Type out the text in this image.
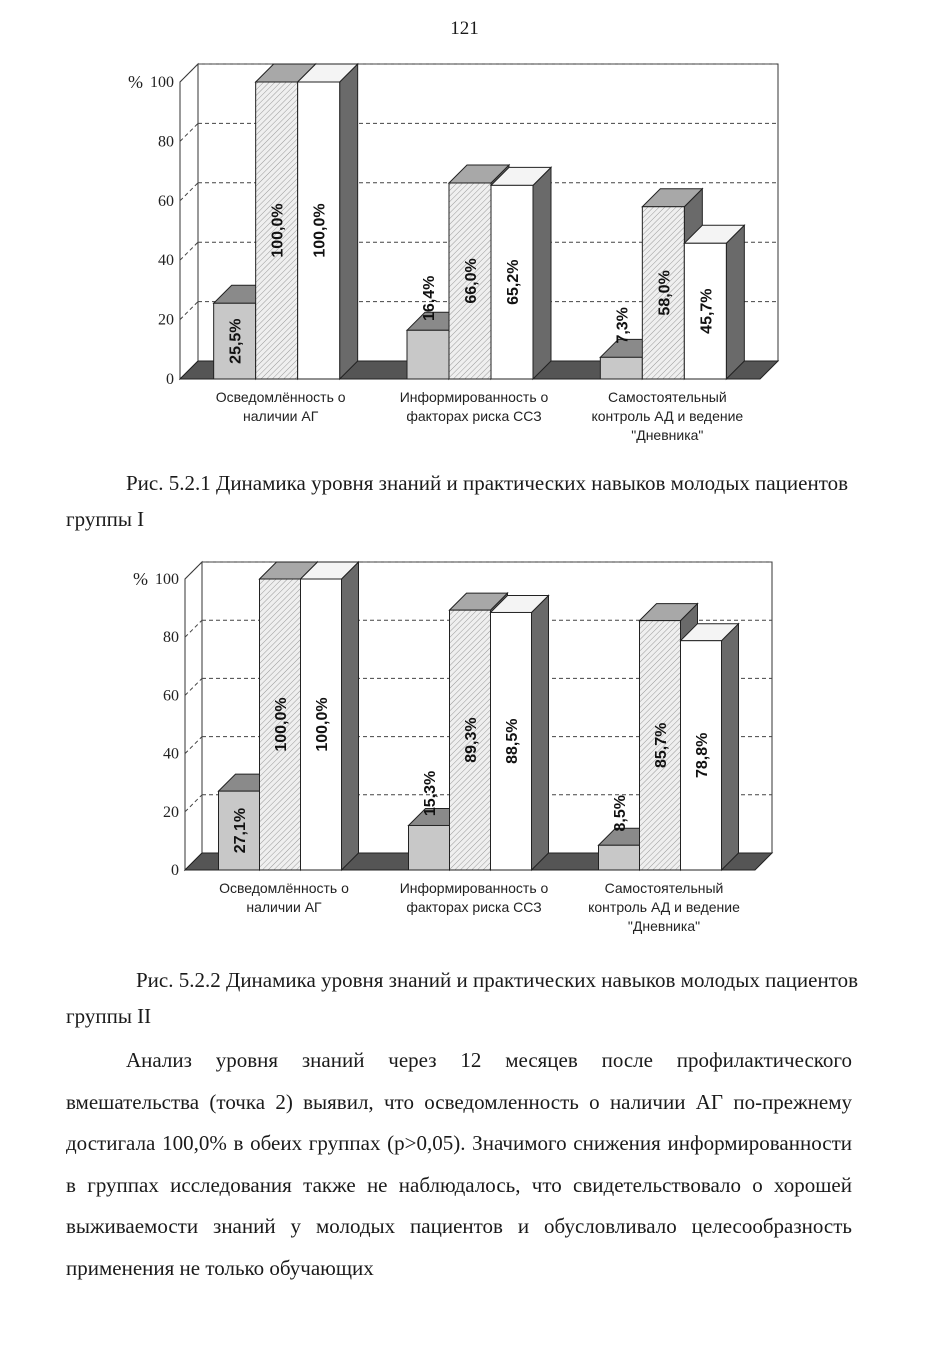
121
0
20
40
60
80
100
%
25,5%
100,0% 100,0%
Осведомлённость о
наличии АГ
16,4% 66,0% 65,2%
Информированность о
факторах риска ССЗ
7,3%
58,0% 45,7%
Самостоятельный
контроль АД и ведение
"Дневника"
Рис. 5.2.1 Динамика уровня знаний и практических навыков молодых пациентов группы I
0
20
40
60
80
100
%
27,1%
100,0% 100,0%
Осведомлённость о
наличии АГ
15,3%
89,3% 88,5%
Информированность о
факторах риска ССЗ
8,5%
85,7% 78,8%
Самостоятельный
контроль АД и ведение
"Дневника"
Рис. 5.2.2 Динамика уровня знаний и практических навыков молодых пациентов группы II
Анализ уровня знаний через 12 месяцев после профилактического вмешательства (точка 2) выявил, что осведомленность о наличии АГ по-прежнему достигала 100,0% в обеих группах (p>0,05). Значимого снижения информированности в группах исследования также не наблюдалось, что свидетельствовало о хорошей выживаемости знаний у молодых пациентов и обусловливало целесообразность применения не только обучающих
